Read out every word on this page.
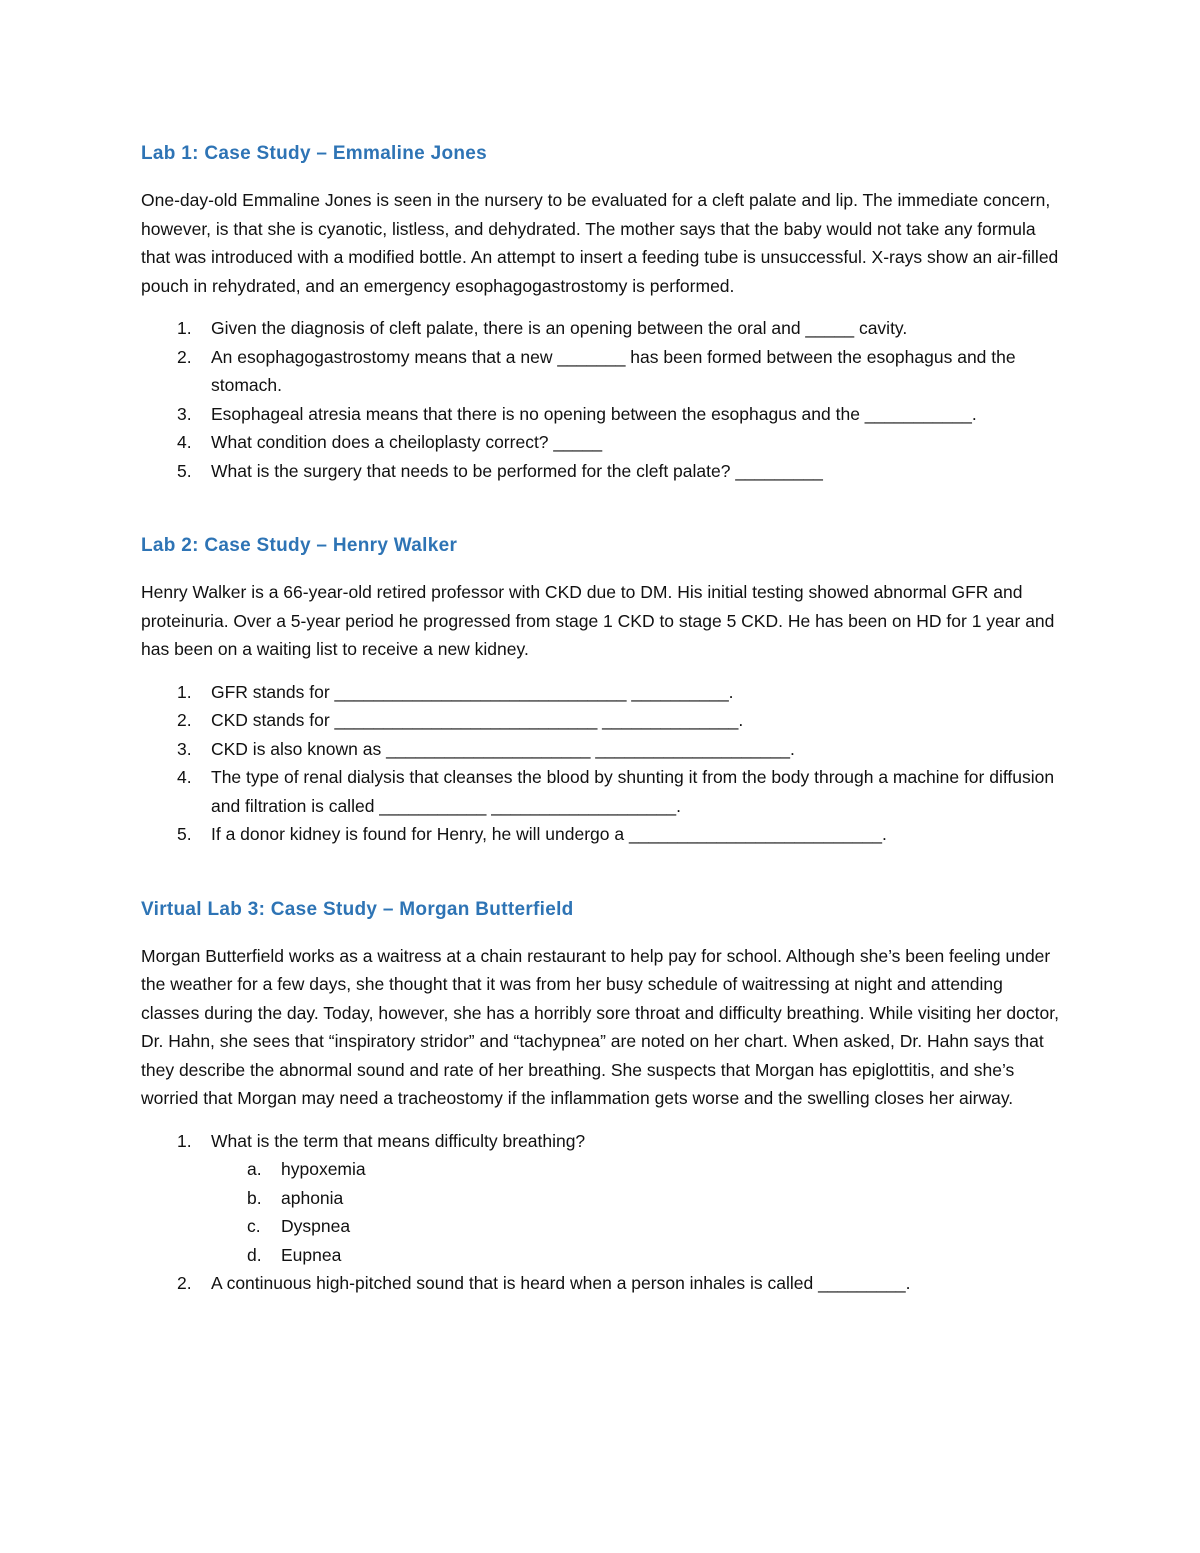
Lab 1: Case Study – Emmaline Jones

One-day-old Emmaline Jones is seen in the nursery to be evaluated for a cleft palate and lip. The immediate concern, however, is that she is cyanotic, listless, and dehydrated. The mother says that the baby would not take any formula that was introduced with a modified bottle. An attempt to insert a feeding tube is unsuccessful. X-rays show an air-filled pouch in rehydrated, and an emergency esophagogastrostomy is performed.

1. Given the diagnosis of cleft palate, there is an opening between the oral and _____ cavity.
2. An esophagogastrostomy means that a new _______ has been formed between the esophagus and the stomach.
3. Esophageal atresia means that there is no opening between the esophagus and the ___________.
4. What condition does a cheiloplasty correct? _____
5. What is the surgery that needs to be performed for the cleft palate? _________
Lab 2: Case Study – Henry Walker

Henry Walker is a 66-year-old retired professor with CKD due to DM. His initial testing showed abnormal GFR and proteinuria. Over a 5-year period he progressed from stage 1 CKD to stage 5 CKD. He has been on HD for 1 year and has been on a waiting list to receive a new kidney.

1. GFR stands for ______________________________ __________.
2. CKD stands for ___________________________ ______________.
3. CKD is also known as _____________________ ____________________.
4. The type of renal dialysis that cleanses the blood by shunting it from the body through a machine for diffusion and filtration is called ___________ ___________________.
5. If a donor kidney is found for Henry, he will undergo a __________________________.
Virtual Lab 3: Case Study – Morgan Butterfield

Morgan Butterfield works as a waitress at a chain restaurant to help pay for school. Although she’s been feeling under the weather for a few days, she thought that it was from her busy schedule of waitressing at night and attending classes during the day. Today, however, she has a horribly sore throat and difficulty breathing. While visiting her doctor, Dr. Hahn, she sees that “inspiratory stridor” and “tachypnea” are noted on her chart. When asked, Dr. Hahn says that they describe the abnormal sound and rate of her breathing. She suspects that Morgan has epiglottitis, and she’s worried that Morgan may need a tracheostomy if the inflammation gets worse and the swelling closes her airway.

1. What is the term that means difficulty breathing?
a. hypoxemia
b. aphonia
c. Dyspnea
d. Eupnea
2. A continuous high-pitched sound that is heard when a person inhales is called _________.
